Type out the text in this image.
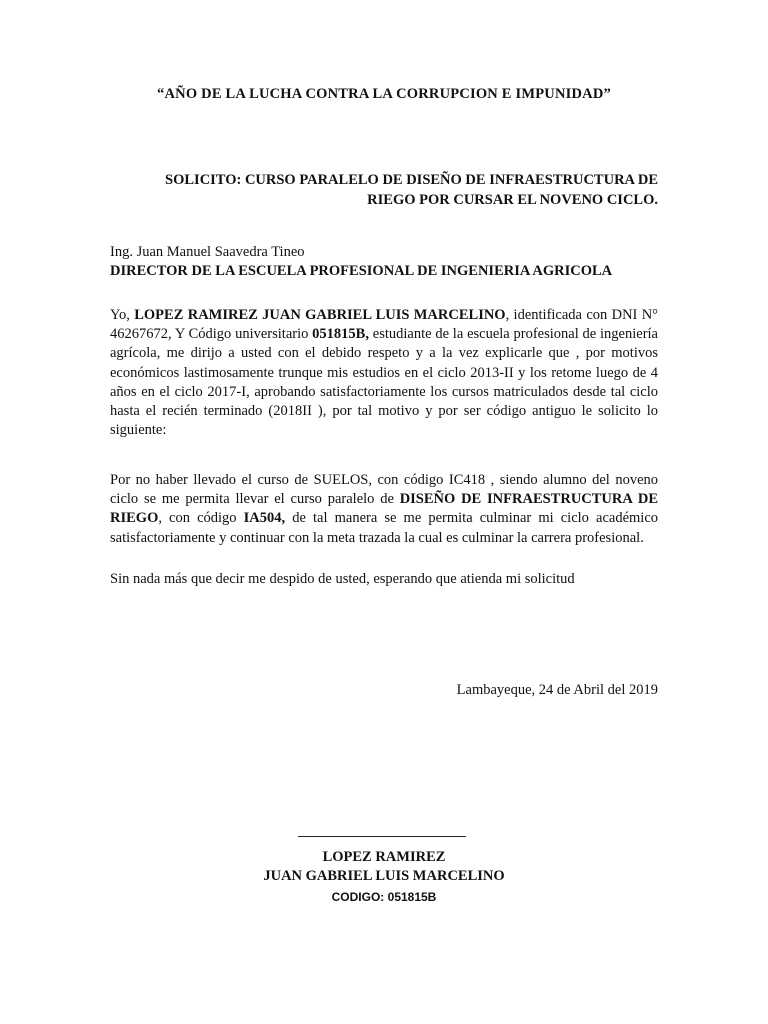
“AÑO DE LA LUCHA CONTRA LA CORRUPCION E IMPUNIDAD”
SOLICITO: CURSO PARALELO DE DISEÑO DE INFRAESTRUCTURA DE
RIEGO POR CURSAR EL NOVENO CICLO.
Ing. Juan Manuel Saavedra Tineo
DIRECTOR DE LA ESCUELA PROFESIONAL DE INGENIERIA AGRICOLA
Yo, LOPEZ RAMIREZ JUAN GABRIEL LUIS MARCELINO, identificada con DNI N° 46267672, Y Código universitario 051815B, estudiante de la escuela profesional de ingeniería agrícola, me dirijo a usted con el debido respeto y a la vez explicarle que , por motivos económicos lastimosamente trunque mis estudios en el ciclo 2013-II y los retome luego de 4 años en el ciclo 2017-I, aprobando satisfactoriamente los cursos matriculados desde tal ciclo hasta el recién terminado (2018II ), por tal motivo y por ser código antiguo le solicito lo siguiente:
Por no haber llevado el curso de SUELOS, con código IC418 , siendo alumno del noveno ciclo se me permita llevar el curso paralelo de DISEÑO DE INFRAESTRUCTURA DE RIEGO, con código IA504, de tal manera se me permita culminar mi ciclo académico satisfactoriamente y continuar con la meta trazada la cual es culminar la carrera profesional.
Sin nada más que decir me despido de usted, esperando que atienda mi solicitud
Lambayeque, 24 de Abril del 2019
LOPEZ RAMIREZ
JUAN GABRIEL LUIS MARCELINO
CODIGO: 051815B
